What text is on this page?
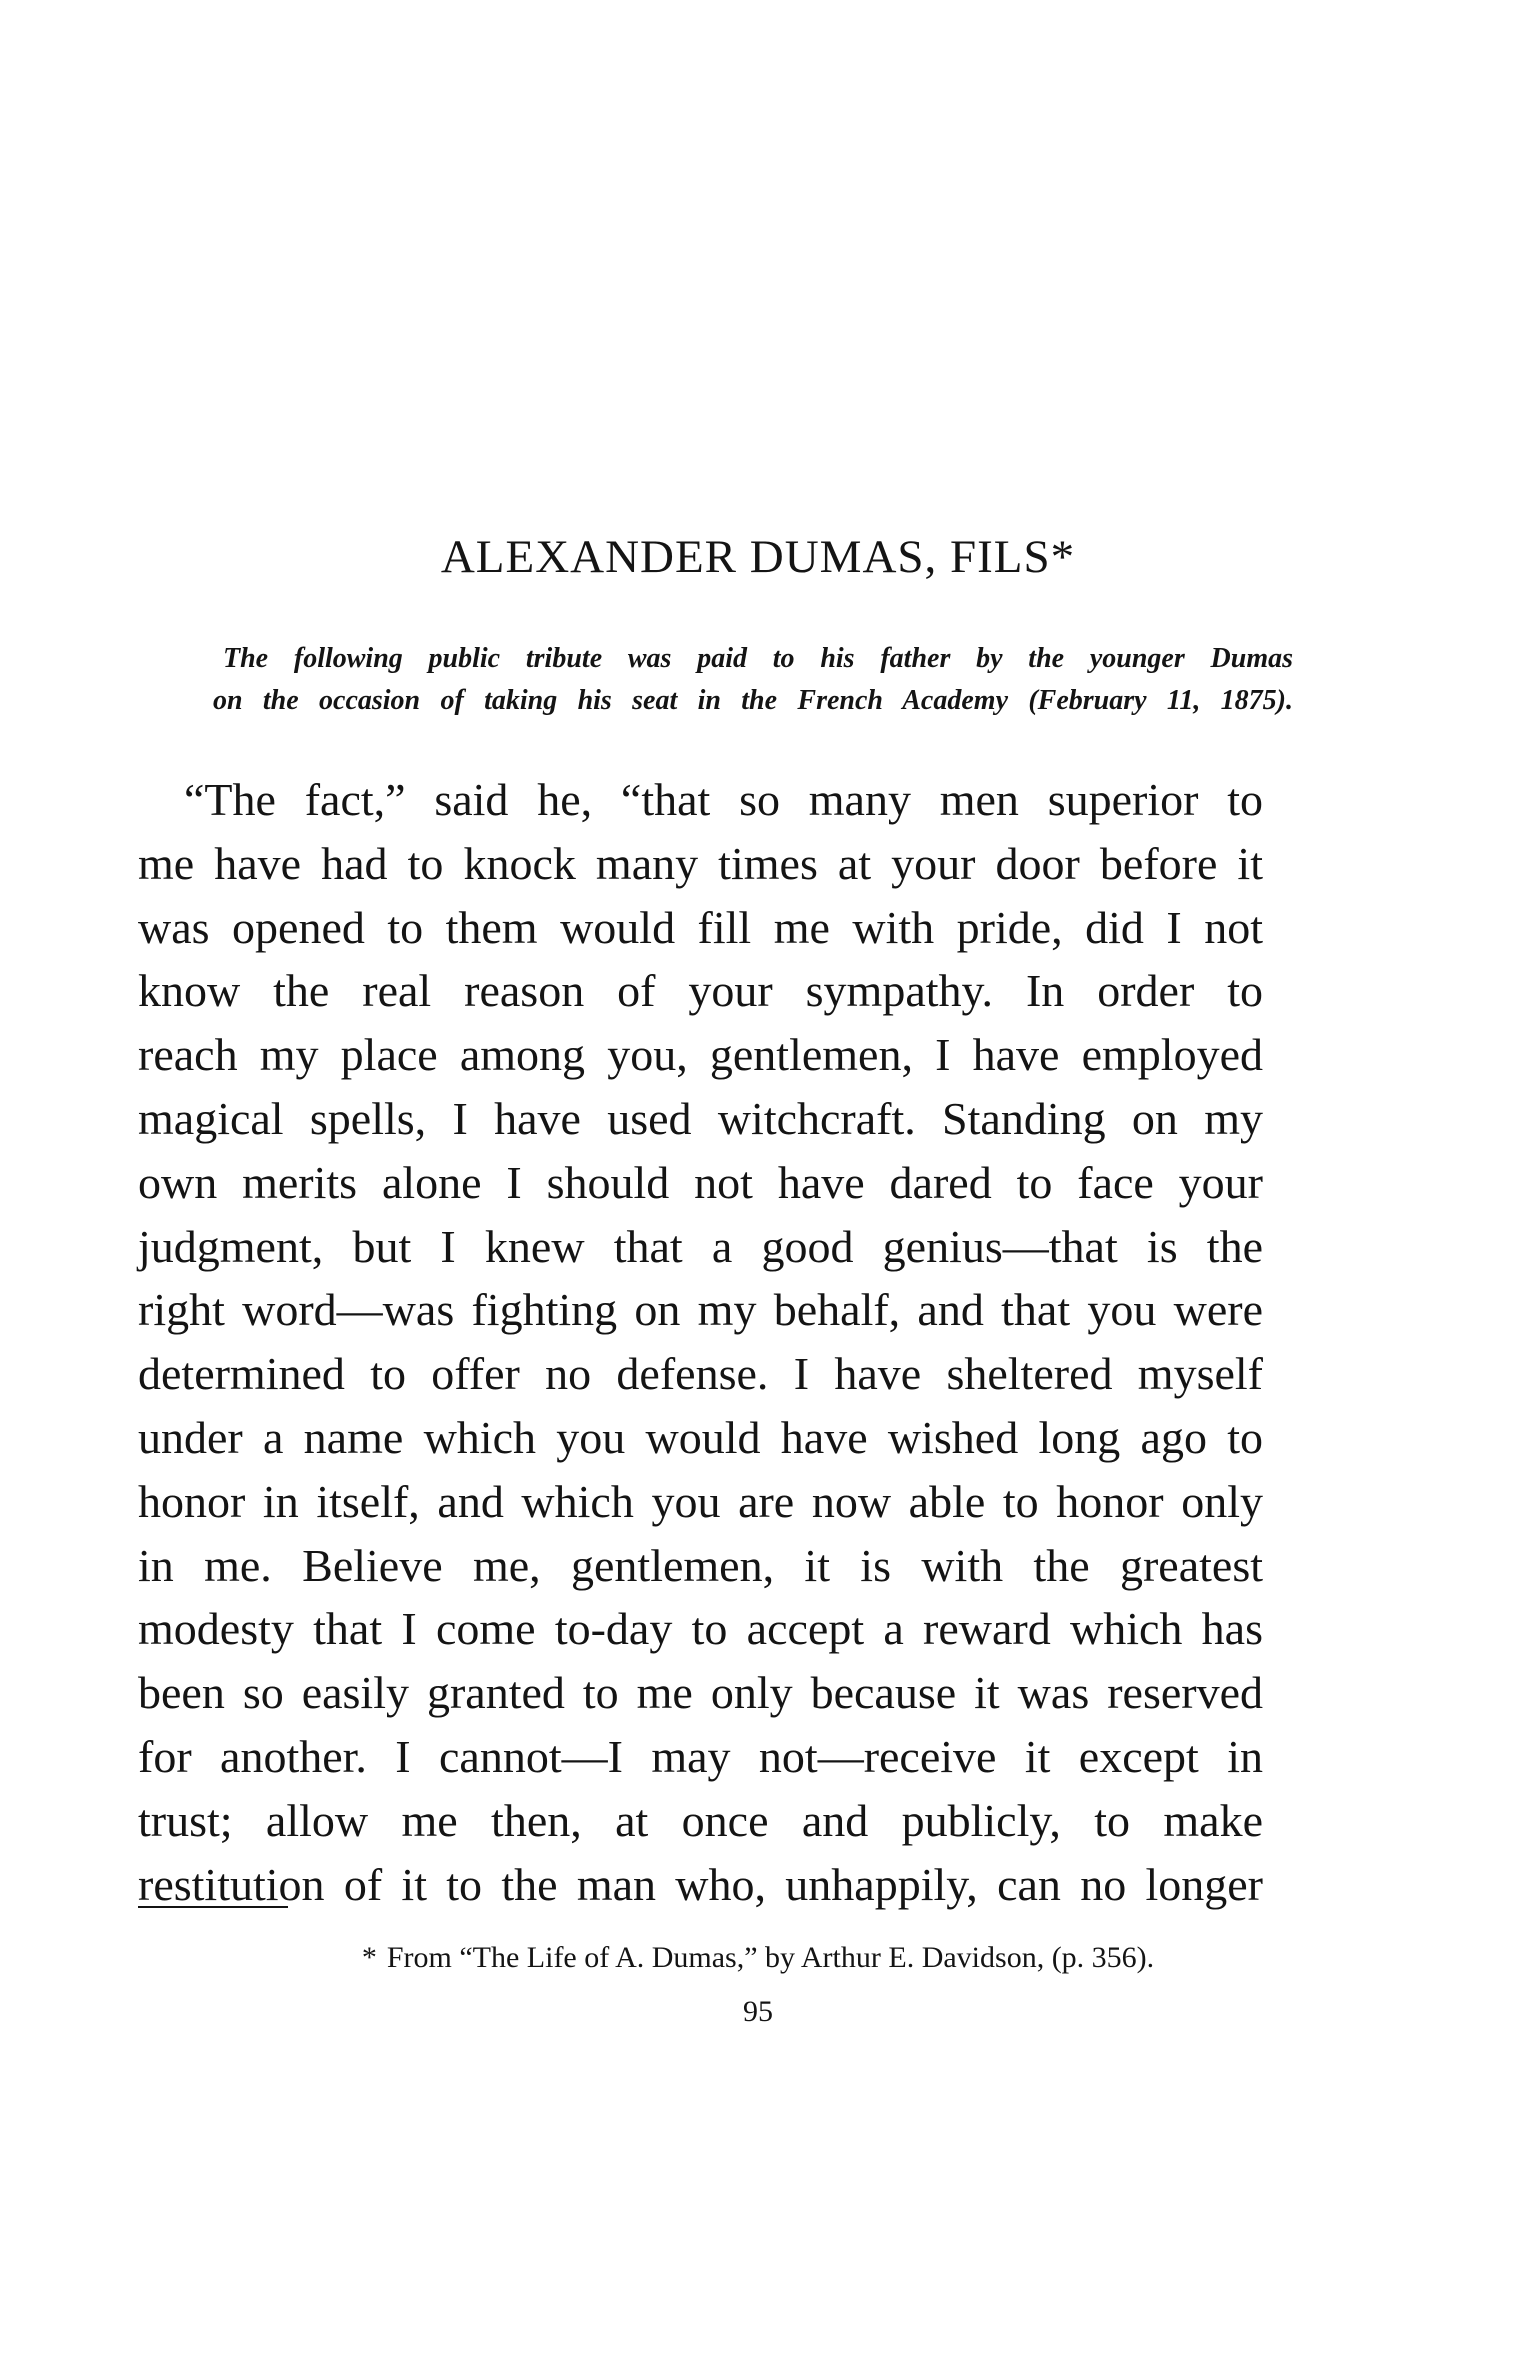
ALEXANDER DUMAS, FILS*

The following public tribute was paid to his father by the younger Dumas
on the occasion of taking his seat in the French Academy (February 11, 1875).

“The fact,” said he, “that so many men superior to
me have had to knock many times at your door before it
was opened to them would fill me with pride, did I not
know the real reason of your sympathy. In order to
reach my place among you, gentlemen, I have employed
magical spells, I have used witchcraft. Standing on my
own merits alone I should not have dared to face your
judgment, but I knew that a good genius—that is the
right word—was fighting on my behalf, and that you were
determined to offer no defense. I have sheltered myself
under a name which you would have wished long ago to
honor in itself, and which you are now able to honor only
in me. Believe me, gentlemen, it is with the greatest
modesty that I come to-day to accept a reward which has
been so easily granted to me only because it was reserved
for another. I cannot—I may not—receive it except in
trust; allow me then, at once and publicly, to make
restitution of it to the man who, unhappily, can no longer

* From “The Life of A. Dumas,” by Arthur E. Davidson, (p. 356).

95
